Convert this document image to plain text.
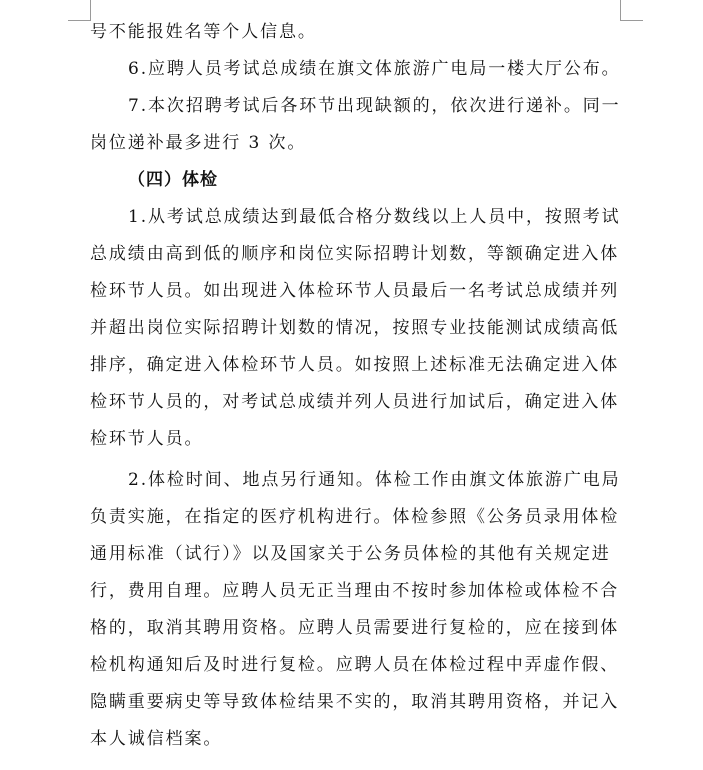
号不能报姓名等个人信息。
6.应聘人员考试总成绩在旗文体旅游广电局一楼大厅公布。
7.本次招聘考试后各环节出现缺额的，依次进行递补。同一
岗位递补最多进行 3 次。
（四）体检
1.从考试总成绩达到最低合格分数线以上人员中，按照考试
总成绩由高到低的顺序和岗位实际招聘计划数，等额确定进入体
检环节人员。如出现进入体检环节人员最后一名考试总成绩并列
并超出岗位实际招聘计划数的情况，按照专业技能测试成绩高低
排序，确定进入体检环节人员。如按照上述标准无法确定进入体
检环节人员的，对考试总成绩并列人员进行加试后，确定进入体
检环节人员。
2.体检时间、地点另行通知。体检工作由旗文体旅游广电局
负责实施，在指定的医疗机构进行。体检参照《公务员录用体检
通用标准（试行）》以及国家关于公务员体检的其他有关规定进
行，费用自理。应聘人员无正当理由不按时参加体检或体检不合
格的，取消其聘用资格。应聘人员需要进行复检的，应在接到体
检机构通知后及时进行复检。应聘人员在体检过程中弄虚作假、
隐瞒重要病史等导致体检结果不实的，取消其聘用资格，并记入
本人诚信档案。
